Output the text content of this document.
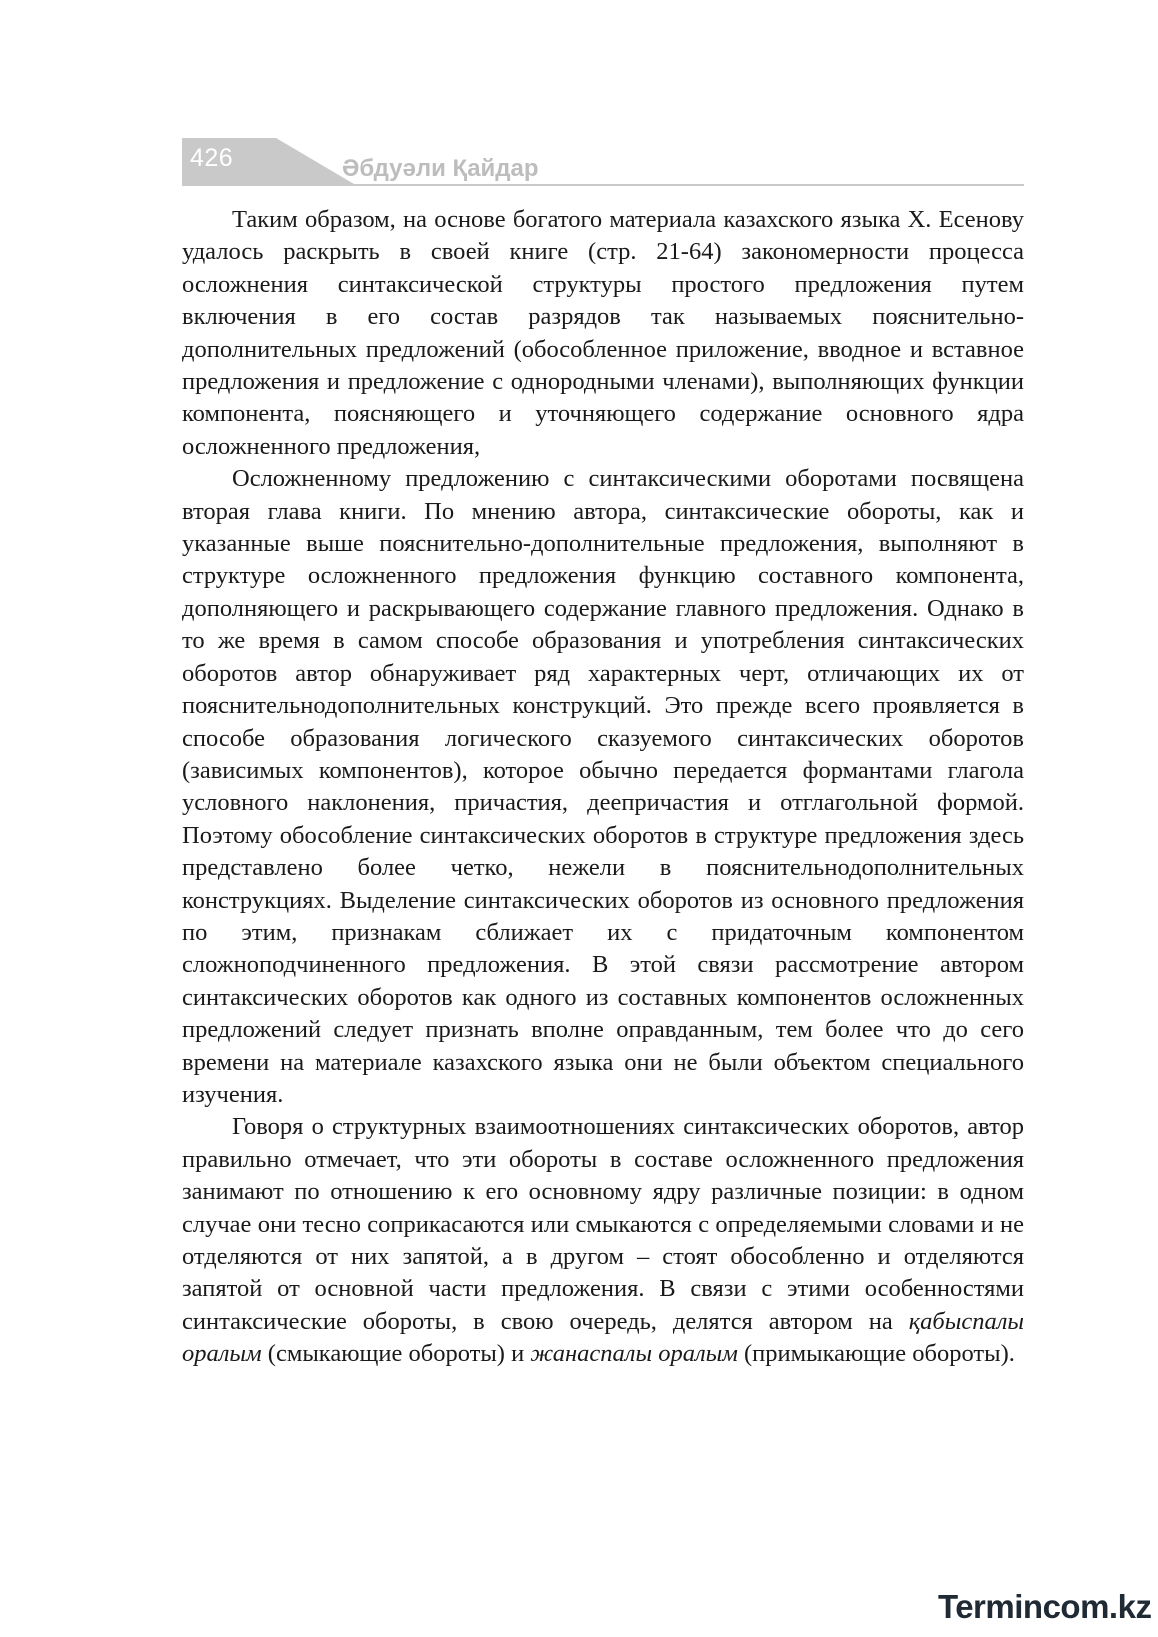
426	Әбдуәли Қайдар

Таким образом, на основе богатого материала казахского языка Х. Есенову удалось раскрыть в своей книге (стр. 21-64) закономерности процесса осложнения синтаксической структуры простого предложения путем включения в его состав разрядов так называемых пояснительно-дополнительных предложений (обособленное приложение, вводное и вставное предложения и предложение с однородными членами), выполняющих функции компонента, поясняющего и уточняющего содержание основного ядра осложненного предложения,

Осложненному предложению с синтаксическими оборотами посвящена вторая глава книги. По мнению автора, синтаксические обороты, как и указанные выше пояснительно-дополнительные предложения, выполняют в структуре осложненного предложения функцию составного компонента, дополняющего и раскрывающего содержание главного предложения. Однако в то же время в самом способе образования и употребления синтаксических оборотов автор обнаруживает ряд характерных черт, отличающих их от пояснительнодополнительных конструкций. Это прежде всего проявляется в способе образования логического сказуемого синтаксических оборотов (зависимых компонентов), которое обычно передается формантами глагола условного наклонения, причастия, деепричастия и отглагольной формой. Поэтому обособление синтаксических оборотов в структуре предложения здесь представлено более четко, нежели в пояснительнодополнительных конструкциях. Выделение синтаксических оборотов из основного предложения по этим, признакам сближает их с придаточным компонентом сложноподчиненного предложения. В этой связи рассмотрение автором синтаксических оборотов как одного из составных компонентов осложненных предложений следует признать вполне оправданным, тем более что до сего времени на материале казахского языка они не были объектом специального изучения.

Говоря о структурных взаимоотношениях синтаксических оборотов, автор правильно отмечает, что эти обороты в составе осложненного предложения занимают по отношению к его основному ядру различные позиции: в одном случае они тесно соприкасаются или смыкаются с определяемыми словами и не отделяются от них запятой, а в другом – стоят обособленно и отделяются запятой от основной части предложения. В связи с этими особенностями синтаксические обороты, в свою очередь, делятся автором на қабыспалы оралым (смыкающие обороты) и жанаспалы оралым (примыкающие обороты).

Termincom.kz
